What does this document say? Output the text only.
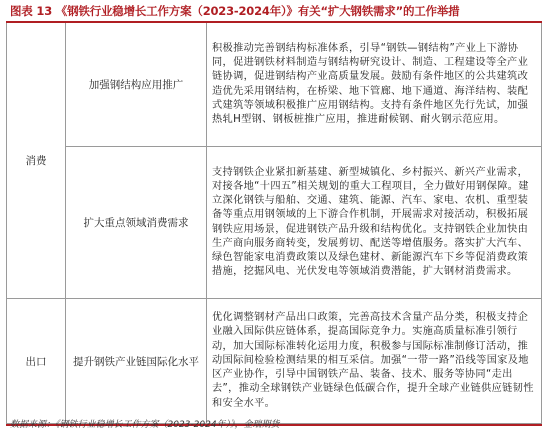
图表 13 《钢铁行业稳增长工作方案（2023-2024年）》有关“扩大钢铁需求”的工作举措
消费	加强钢结构应用推广	积极推动完善钢结构标准体系，引导“钢铁—钢结构”产业上下游协同，促进钢铁材料制造与钢结构研究设计、制造、工程建设等全产业链协调，促进钢结构产业高质量发展。鼓励有条件地区的公共建筑改造优先采用钢结构，在桥梁、地下管廊、地下通道、海洋结构、装配式建筑等领域积极推广应用钢结构。支持有条件地区先行先试，加强热轧H型钢、钢板桩推广应用，推进耐候钢、耐火钢示范应用。

	扩大重点领域消费需求	支持钢铁企业紧扣新基建、新型城镇化、乡村振兴、新兴产业需求，对接各地“十四五”相关规划的重大工程项目，全力做好用钢保障。建立深化钢铁与船舶、交通、建筑、能源、汽车、家电、农机、重型装备等重点用钢领域的上下游合作机制，开展需求对接活动，积极拓展钢铁应用场景，促进钢铁产品升级和结构优化。支持钢铁企业加快由生产商向服务商转变，发展剪切、配送等增值服务。落实扩大汽车、绿色智能家电消费政策以及绿色建材、新能源汽车下乡等促消费政策措施，挖掘风电、光伏发电等领域消费潜能，扩大钢材消费需求。

出口	提升钢铁产业链国际化水平	优化调整钢材产品出口政策，完善高技术含量产品分类，积极支持企业融入国际供应链体系，提高国际竞争力。实施高质量标准引领行动，加大国际标准转化运用力度，积极参与国际标准制修订活动，推动国际间检验检测结果的相互采信。加强“一带一路”沿线等国家及地区产业协作，引导中国钢铁产品、装备、技术、服务等协同“走出去”，推动全球钢铁产业链绿色低碳合作，提升全球产业链供应链韧性和安全水平。

数据来源：《钢铁行业稳增长工作方案（2023-2024年）》，金瑞期货
